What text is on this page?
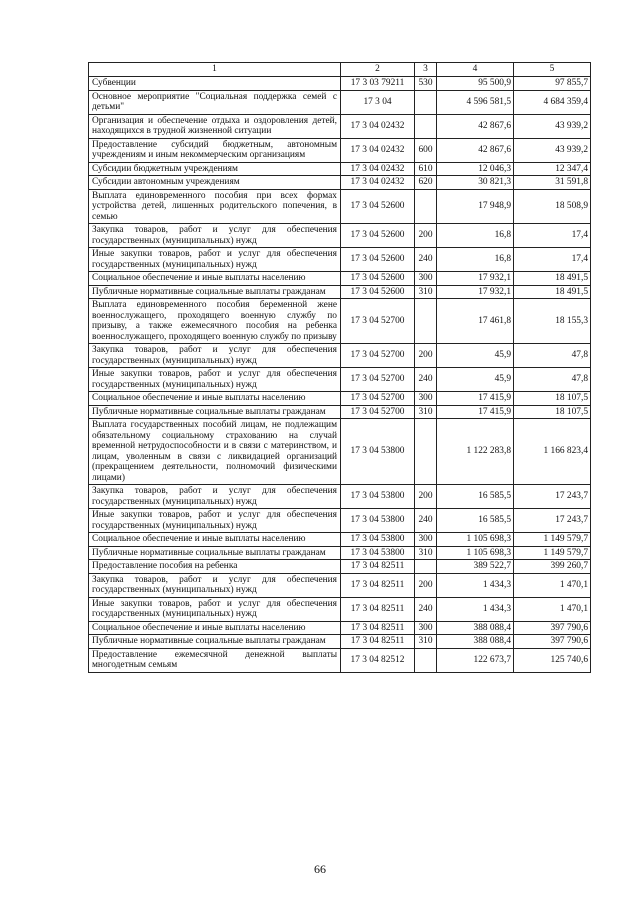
1	2	3	4	5
Субвенции	17 3 03 79211	530	95 500,9	97 855,7
Основное мероприятие "Социальная поддержка семей с детьми"	17 3 04		4 596 581,5	4 684 359,4
Организация и обеспечение отдыха и оздоровления детей, находящихся в трудной жизненной ситуации	17 3 04 02432		42 867,6	43 939,2
Предоставление субсидий бюджетным, автономным учреждениям и иным некоммерческим организациям	17 3 04 02432	600	42 867,6	43 939,2
Субсидии бюджетным учреждениям	17 3 04 02432	610	12 046,3	12 347,4
Субсидии автономным учреждениям	17 3 04 02432	620	30 821,3	31 591,8
Выплата единовременного пособия при всех формах устройства детей, лишенных родительского попечения, в семью	17 3 04 52600		17 948,9	18 508,9
Закупка товаров, работ и услуг для обеспечения государственных (муниципальных) нужд	17 3 04 52600	200	16,8	17,4
Иные закупки товаров, работ и услуг для обеспечения государственных (муниципальных) нужд	17 3 04 52600	240	16,8	17,4
Социальное обеспечение и иные выплаты населению	17 3 04 52600	300	17 932,1	18 491,5
Публичные нормативные социальные выплаты гражданам	17 3 04 52600	310	17 932,1	18 491,5
Выплата единовременного пособия беременной жене военнослужащего, проходящего военную службу по призыву, а также ежемесячного пособия на ребенка военнослужащего, проходящего военную службу по призыву	17 3 04 52700		17 461,8	18 155,3
Закупка товаров, работ и услуг для обеспечения государственных (муниципальных) нужд	17 3 04 52700	200	45,9	47,8
Иные закупки товаров, работ и услуг для обеспечения государственных (муниципальных) нужд	17 3 04 52700	240	45,9	47,8
Социальное обеспечение и иные выплаты населению	17 3 04 52700	300	17 415,9	18 107,5
Публичные нормативные социальные выплаты гражданам	17 3 04 52700	310	17 415,9	18 107,5
Выплата государственных пособий лицам, не подлежащим обязательному социальному страхованию на случай временной нетрудоспособности и в связи с материнством, и лицам, уволенным в связи с ликвидацией организаций (прекращением деятельности, полномочий физическими лицами)	17 3 04 53800		1 122 283,8	1 166 823,4
Закупка товаров, работ и услуг для обеспечения государственных (муниципальных) нужд	17 3 04 53800	200	16 585,5	17 243,7
Иные закупки товаров, работ и услуг для обеспечения государственных (муниципальных) нужд	17 3 04 53800	240	16 585,5	17 243,7
Социальное обеспечение и иные выплаты населению	17 3 04 53800	300	1 105 698,3	1 149 579,7
Публичные нормативные социальные выплаты гражданам	17 3 04 53800	310	1 105 698,3	1 149 579,7
Предоставление пособия на ребенка	17 3 04 82511		389 522,7	399 260,7
Закупка товаров, работ и услуг для обеспечения государственных (муниципальных) нужд	17 3 04 82511	200	1 434,3	1 470,1
Иные закупки товаров, работ и услуг для обеспечения государственных (муниципальных) нужд	17 3 04 82511	240	1 434,3	1 470,1
Социальное обеспечение и иные выплаты населению	17 3 04 82511	300	388 088,4	397 790,6
Публичные нормативные социальные выплаты гражданам	17 3 04 82511	310	388 088,4	397 790,6
Предоставление ежемесячной денежной выплаты многодетным семьям	17 3 04 82512		122 673,7	125 740,6
66
